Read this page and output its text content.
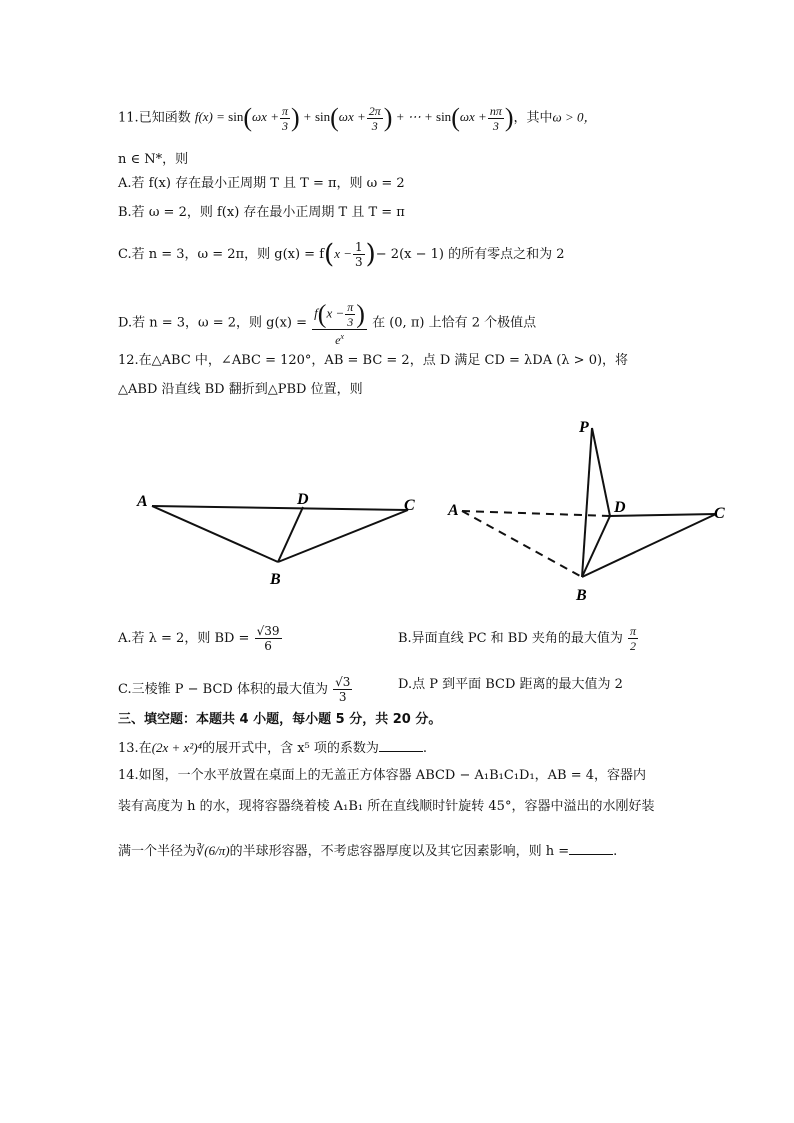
11.已知函数 $f(x) = \sin(\omega x + \frac{\pi}{3}$ ) + $\sin(\omega x + \frac{2\pi}{3}$ ) + ⋯ + $\sin(\omega x + \frac{n\pi}{3}$ )，其中ω > 0，
n ∈ N*，则
A.若 f(x) 存在最小正周期 T 且 T = π，则 ω = 2
B.若 ω = 2，则 f(x) 存在最小正周期 T 且 T = π
C.若 n = 3，ω = 2π，则 $g(x) = f(x - \frac{1}{3}$ )− 2(x − 1) 的所有零点之和为 2
D.若 n = 3，ω = 2，则 $g(x) = \frac{f(x - \frac{\pi}{3} )}{e^x}$ 在 (0, π) 上恰有 2 个极值点
12.在△ABC 中，∠ABC = 120°，AB = BC = 2，点 D 满足 CD = λDA (λ > 0)，将
△ABD 沿直线 BD 翻折到△PBD 位置，则
A	D	C
B
A
P
D	C
B
A.若 λ = 2，则 BD = $\frac{√39}{6}$	B.异面直线 PC 和 BD 夹角的最大值为 $\frac{\pi}{2}$
C.三棱锥 P − BCD 体积的最大值为 $\frac{√3}{3}$	D.点 P 到平面 BCD 距离的最大值为 2
三、填空题：本题共 4 小题，每小题 5 分，共 20 分。
13.在(2x + x²)⁴的展开式中，含 x⁵ 项的系数为	.
14.如图，一个水平放置在桌面上的无盖正方体容器 ABCD − A₁B₁C₁D₁，AB = 4，容器内
装有高度为 h 的水，现将容器绕着棱 A₁B₁ 所在直线顺时针旋转 45°，容器中溢出的水刚好装
满一个半径为∛(6/π)的半球形容器，不考虑容器厚度以及其它因素影响，则 h =	.
